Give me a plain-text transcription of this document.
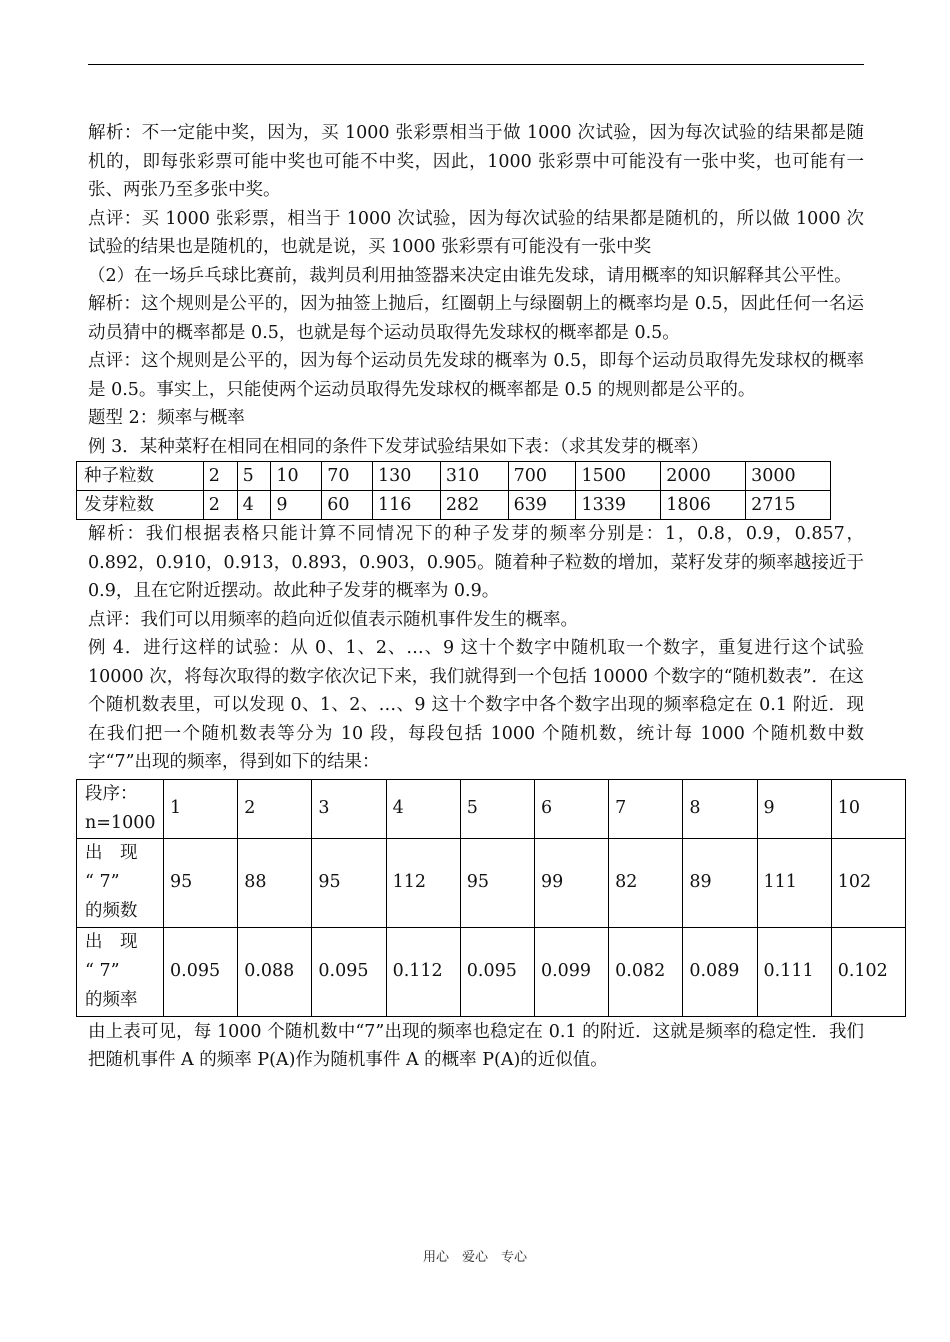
解析：不一定能中奖，因为，买 1000 张彩票相当于做 1000 次试验，因为每次试验的结果都是随机的，即每张彩票可能中奖也可能不中奖，因此，1000 张彩票中可能没有一张中奖，也可能有一张、两张乃至多张中奖。

点评：买 1000 张彩票，相当于 1000 次试验，因为每次试验的结果都是随机的，所以做 1000 次试验的结果也是随机的，也就是说，买 1000 张彩票有可能没有一张中奖

（2）在一场乒乓球比赛前，裁判员利用抽签器来决定由谁先发球，请用概率的知识解释其公平性。

解析：这个规则是公平的，因为抽签上抛后，红圈朝上与绿圈朝上的概率均是 0.5，因此任何一名运动员猜中的概率都是 0.5，也就是每个运动员取得先发球权的概率都是 0.5。

点评：这个规则是公平的，因为每个运动员先发球的概率为 0.5，即每个运动员取得先发球权的概率是 0.5。事实上，只能使两个运动员取得先发球权的概率都是 0.5 的规则都是公平的。

题型 2：频率与概率

例 3．某种菜籽在相同在相同的条件下发芽试验结果如下表：（求其发芽的概率）

种子粒数	2	5	10	70	130	310	700	1500	2000	3000
发芽粒数	2	4	9	60	116	282	639	1339	1806	2715

解析：我们根据表格只能计算不同情况下的种子发芽的频率分别是：1，0.8，0.9，0.857，0.892，0.910，0.913，0.893，0.903，0.905。随着种子粒数的增加，菜籽发芽的频率越接近于 0.9，且在它附近摆动。故此种子发芽的概率为 0.9。

点评：我们可以用频率的趋向近似值表示随机事件发生的概率。

例 4．进行这样的试验：从 0、1、2、…、9 这十个数字中随机取一个数字，重复进行这个试验 10000 次，将每次取得的数字依次记下来，我们就得到一个包括 10000 个数字的“随机数表”．在这个随机数表里，可以发现 0、1、2、…、9 这十个数字中各个数字出现的频率稳定在 0.1 附近．现在我们把一个随机数表等分为 10 段，每段包括 1000 个随机数，统计每 1000 个随机数中数字“7”出现的频率，得到如下的结果：

段序：
n=1000	1	2	3	4	5	6	7	8	9	10

出　现
“ 7”
的频数	95	88	95	112	95	99	82	89	111	102

出　现
“ 7”
的频率	0.095	0.088	0.095	0.112	0.095	0.099	0.082	0.089	0.111	0.102

由上表可见，每 1000 个随机数中“7”出现的频率也稳定在 0.1 的附近．这就是频率的稳定性．我们把随机事件 A 的频率 P(A)作为随机事件 A 的概率 P(A)的近似值。

用心　爱心　专心
